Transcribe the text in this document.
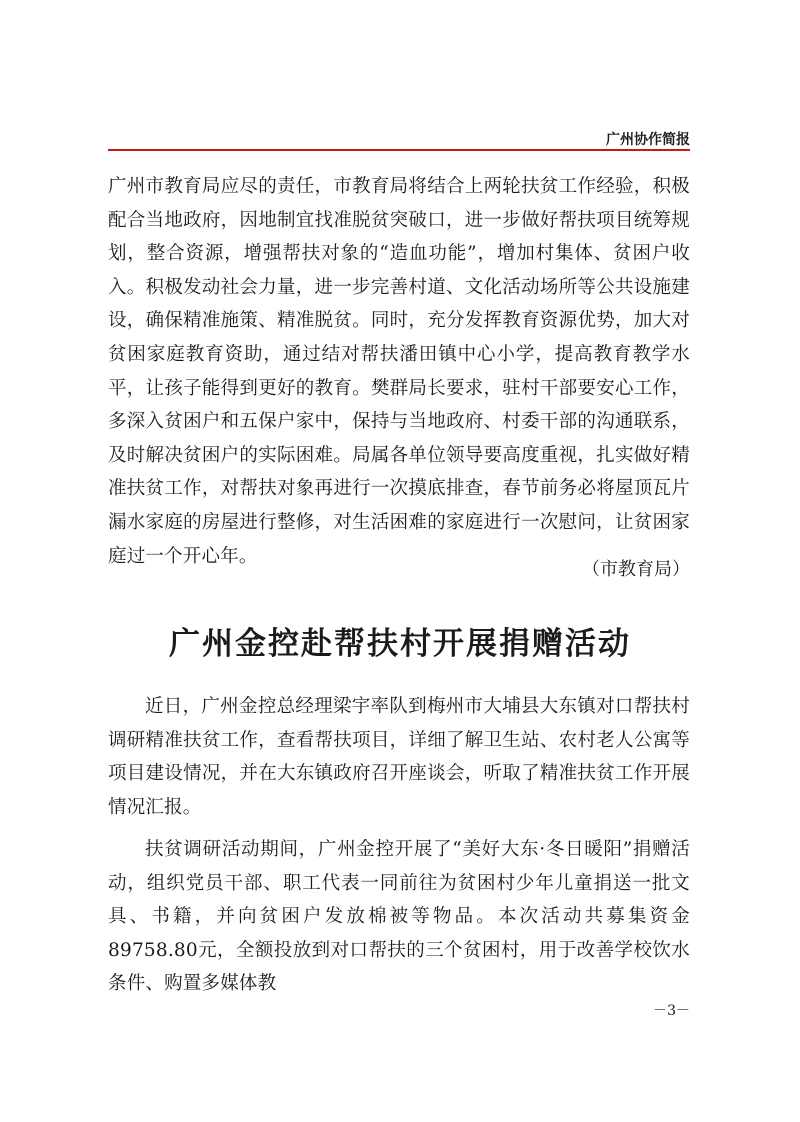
广州协作简报

广州市教育局应尽的责任，市教育局将结合上两轮扶贫工作经验，积极配合当地政府，因地制宜找准脱贫突破口，进一步做好帮扶项目统筹规划，整合资源，增强帮扶对象的“造血功能”，增加村集体、贫困户收入。积极发动社会力量，进一步完善村道、文化活动场所等公共设施建设，确保精准施策、精准脱贫。同时，充分发挥教育资源优势，加大对贫困家庭教育资助，通过结对帮扶潘田镇中心小学，提高教育教学水平，让孩子能得到更好的教育。樊群局长要求，驻村干部要安心工作，多深入贫困户和五保户家中，保持与当地政府、村委干部的沟通联系，及时解决贫困户的实际困难。局属各单位领导要高度重视，扎实做好精准扶贫工作，对帮扶对象再进行一次摸底排查，春节前务必将屋顶瓦片漏水家庭的房屋进行整修，对生活困难的家庭进行一次慰问，让贫困家庭过一个开心年。

（市教育局）
广州金控赴帮扶村开展捐赠活动

近日，广州金控总经理梁宇率队到梅州市大埔县大东镇对口帮扶村调研精准扶贫工作，查看帮扶项目，详细了解卫生站、农村老人公寓等项目建设情况，并在大东镇政府召开座谈会，听取了精准扶贫工作开展情况汇报。

扶贫调研活动期间，广州金控开展了“美好大东·冬日暖阳”捐赠活动，组织党员干部、职工代表一同前往为贫困村少年儿童捐送一批文具、书籍，并向贫困户发放棉被等物品。本次活动共募集资金89758.80元，全额投放到对口帮扶的三个贫困村，用于改善学校饮水条件、购置多媒体教

－3－
